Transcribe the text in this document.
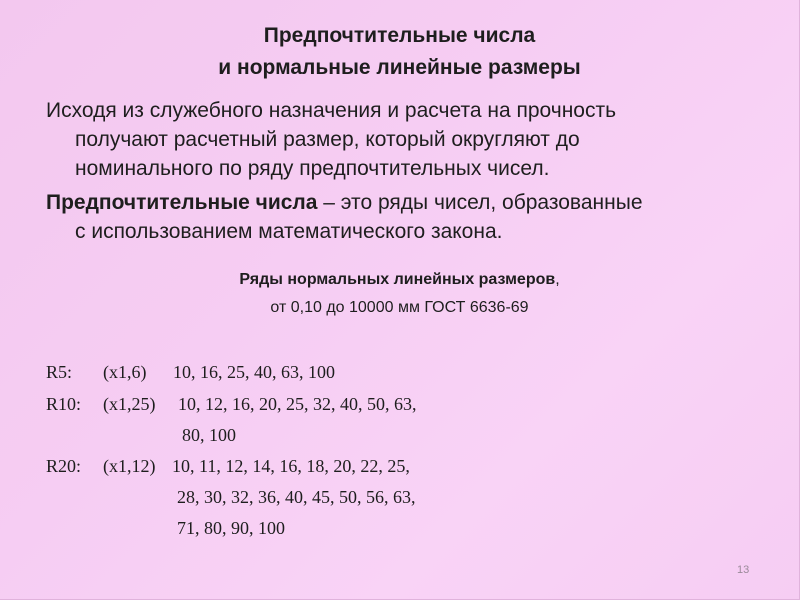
Предпочтительные числа
и нормальные линейные размеры
Исходя из служебного назначения и расчета на прочность
получают расчетный размер, который округляют до
номинального по ряду предпочтительных чисел.
Предпочтительные числа – это ряды чисел, образованные
с использованием математического закона.
Ряды нормальных линейных размеров,
от 0,10 до 10000 мм ГОСТ 6636-69
R5: (х1,6) 10, 16, 25, 40, 63, 100
R10: (х1,25) 10, 12, 16, 20, 25, 32, 40, 50, 63,
80, 100
R20: (х1,12) 10, 11, 12, 14, 16, 18, 20, 22, 25,
28, 30, 32, 36, 40, 45, 50, 56, 63,
71, 80, 90, 100
13
